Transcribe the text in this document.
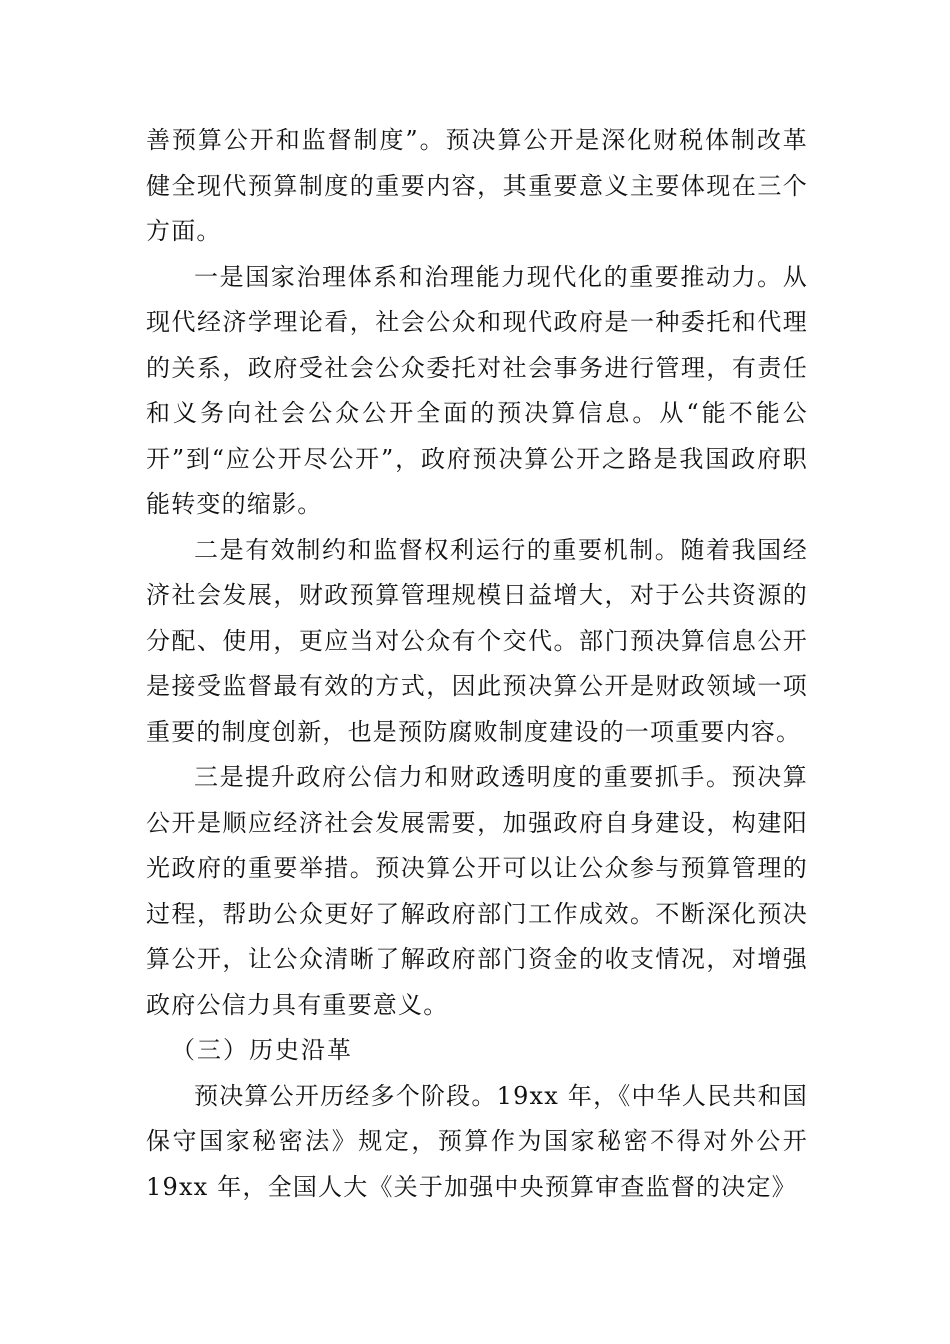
善预算公开和监督制度”。预决算公开是深化财税体制改革健全现代预算制度的重要内容，其重要意义主要体现在三个方面。

一是国家治理体系和治理能力现代化的重要推动力。从现代经济学理论看，社会公众和现代政府是一种委托和代理的关系，政府受社会公众委托对社会事务进行管理，有责任和义务向社会公众公开全面的预决算信息。从“能不能公开”到“应公开尽公开”，政府预决算公开之路是我国政府职能转变的缩影。

二是有效制约和监督权利运行的重要机制。随着我国经济社会发展，财政预算管理规模日益增大，对于公共资源的分配、使用，更应当对公众有个交代。部门预决算信息公开是接受监督最有效的方式，因此预决算公开是财政领域一项重要的制度创新，也是预防腐败制度建设的一项重要内容。

三是提升政府公信力和财政透明度的重要抓手。预决算公开是顺应经济社会发展需要，加强政府自身建设，构建阳光政府的重要举措。预决算公开可以让公众参与预算管理的过程，帮助公众更好了解政府部门工作成效。不断深化预决算公开，让公众清晰了解政府部门资金的收支情况，对增强政府公信力具有重要意义。

（三）历史沿革

预决算公开历经多个阶段。19xx 年，《中华人民共和国保守国家秘密法》规定，预算作为国家秘密不得对外公开19xx 年，全国人大《关于加强中央预算审查监督的决定》
